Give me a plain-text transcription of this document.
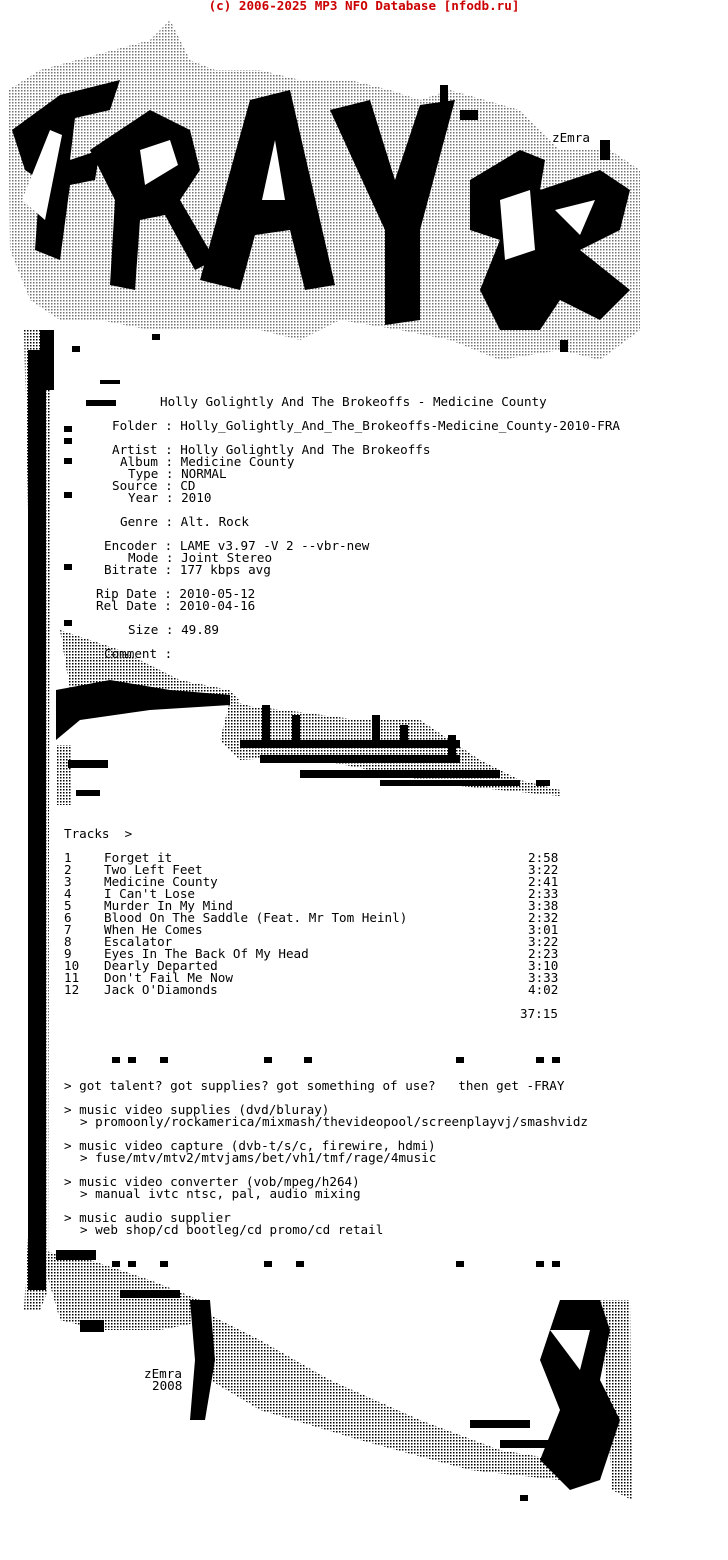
(c) 2006-2025 MP3 NFO Database [nfodb.ru]
zEmra
Holly Golightly And The Brokeoffs - Medicine County
Folder : Holly_Golightly_And_The_Brokeoffs-Medicine_County-2010-FRA
Artist : Holly Golightly And The Brokeoffs
Album : Medicine County
Type : NORMAL
Source : CD
Year : 2010
Genre : Alt. Rock
Encoder : LAME v3.97 -V 2 --vbr-new
Mode : Joint Stereo
Bitrate : 177 kbps avg
Rip Date : 2010-05-12
Rel Date : 2010-04-16
Size : 49.89
Comment :
Tracks  >
1	Forget it	2:58
2	Two Left Feet	3:22
3	Medicine County	2:41
4	I Can't Lose	2:33
5	Murder In My Mind	3:38
6	Blood On The Saddle (Feat. Mr Tom Heinl)	2:32
7	When He Comes	3:01
8	Escalator	3:22
9	Eyes In The Back Of My Head	2:23
10 Dearly Departed	3:10
11 Don't Fail Me Now	3:33
12 Jack O'Diamonds	4:02
37:15
> got talent? got supplies? got something of use?   then get -FRAY
> music video supplies (dvd/bluray)
> promoonly/rockamerica/mixmash/thevideopool/screenplayvj/smashvidz
> music video capture (dvb-t/s/c, firewire, hdmi)
> fuse/mtv/mtv2/mtvjams/bet/vh1/tmf/rage/4music
> music video converter (vob/mpeg/h264)
> manual ivtc ntsc, pal, audio mixing
> music audio supplier
> web shop/cd bootleg/cd promo/cd retail
zEmra
2008
